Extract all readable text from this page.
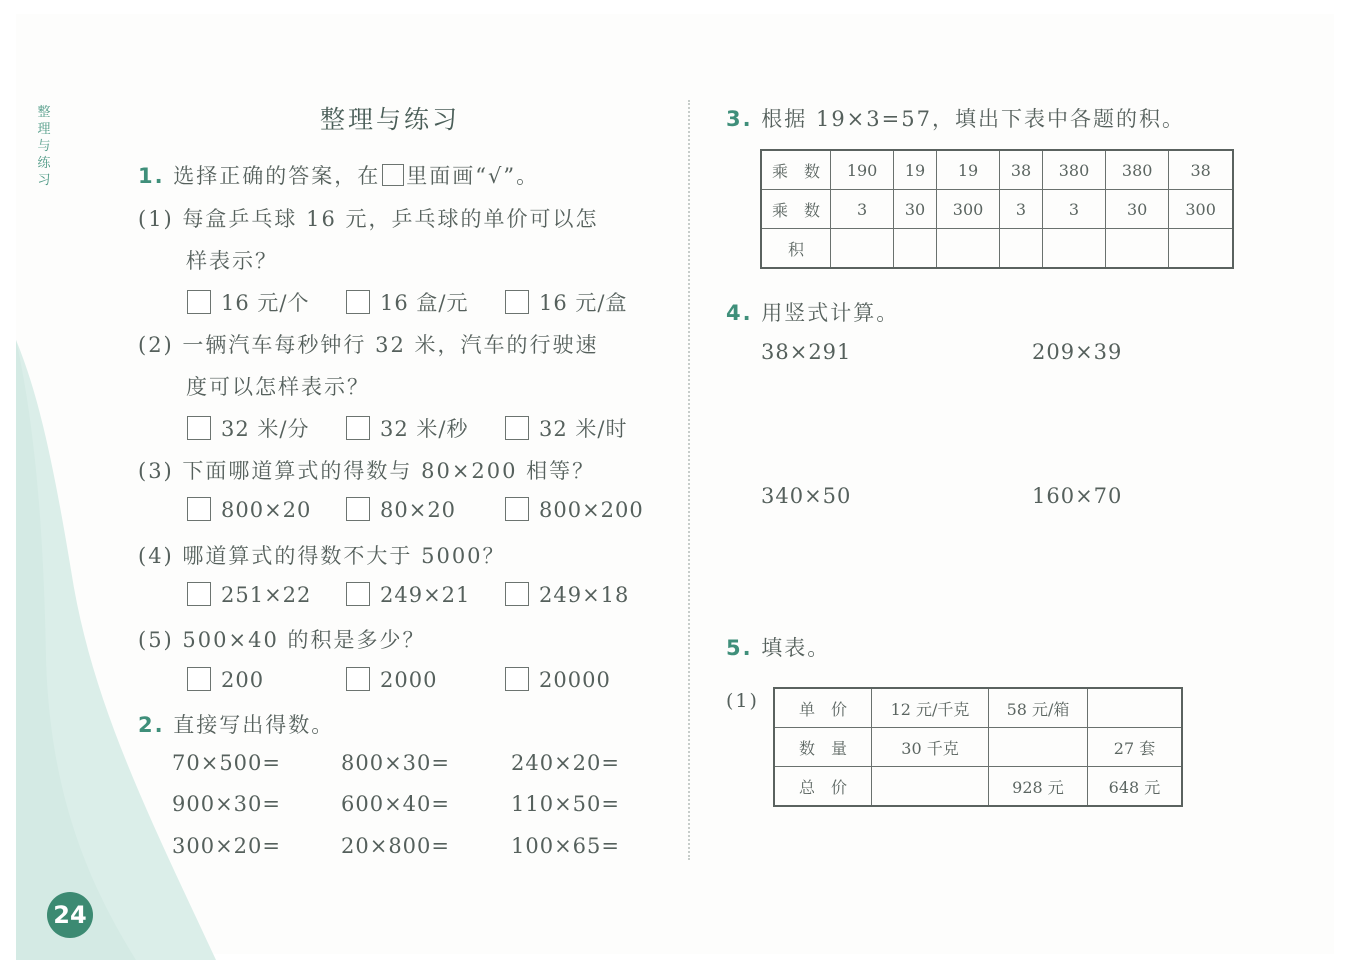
整
理
与
练
习
整理与练习
1. 选择正确的答案，在 里面画“√”。
(1) 每盒乒乓球 16 元，乒乓球的单价可以怎
样表示？
16 元/个	16 盒/元	16 元/盒
(2) 一辆汽车每秒钟行 32 米，汽车的行驶速
度可以怎样表示？
32 米/分	32 米/秒	32 米/时
(3) 下面哪道算式的得数与 80×200 相等？
800×20	80×20	800×200
(4) 哪道算式的得数不大于 5000？
251×22	249×21	249×18
(5) 500×40 的积是多少？
200	2000	20000
2. 直接写出得数。
70×500=	800×30=	240×20=
900×30=	600×40=	110×50=
300×20=	20×800=	100×65=
3. 根据 19×3=57，填出下表中各题的积。
乘　数	190	19	19	38	380	380	38
乘　数	3	30	300	3	3	30	300
积							
4. 用竖式计算。
38×291	209×39
340×50	160×70
5. 填表。
(1)	单　价	12 元/千克	58 元/箱	
数　量	30 千克		27 套
总　价		928 元	648 元
24
